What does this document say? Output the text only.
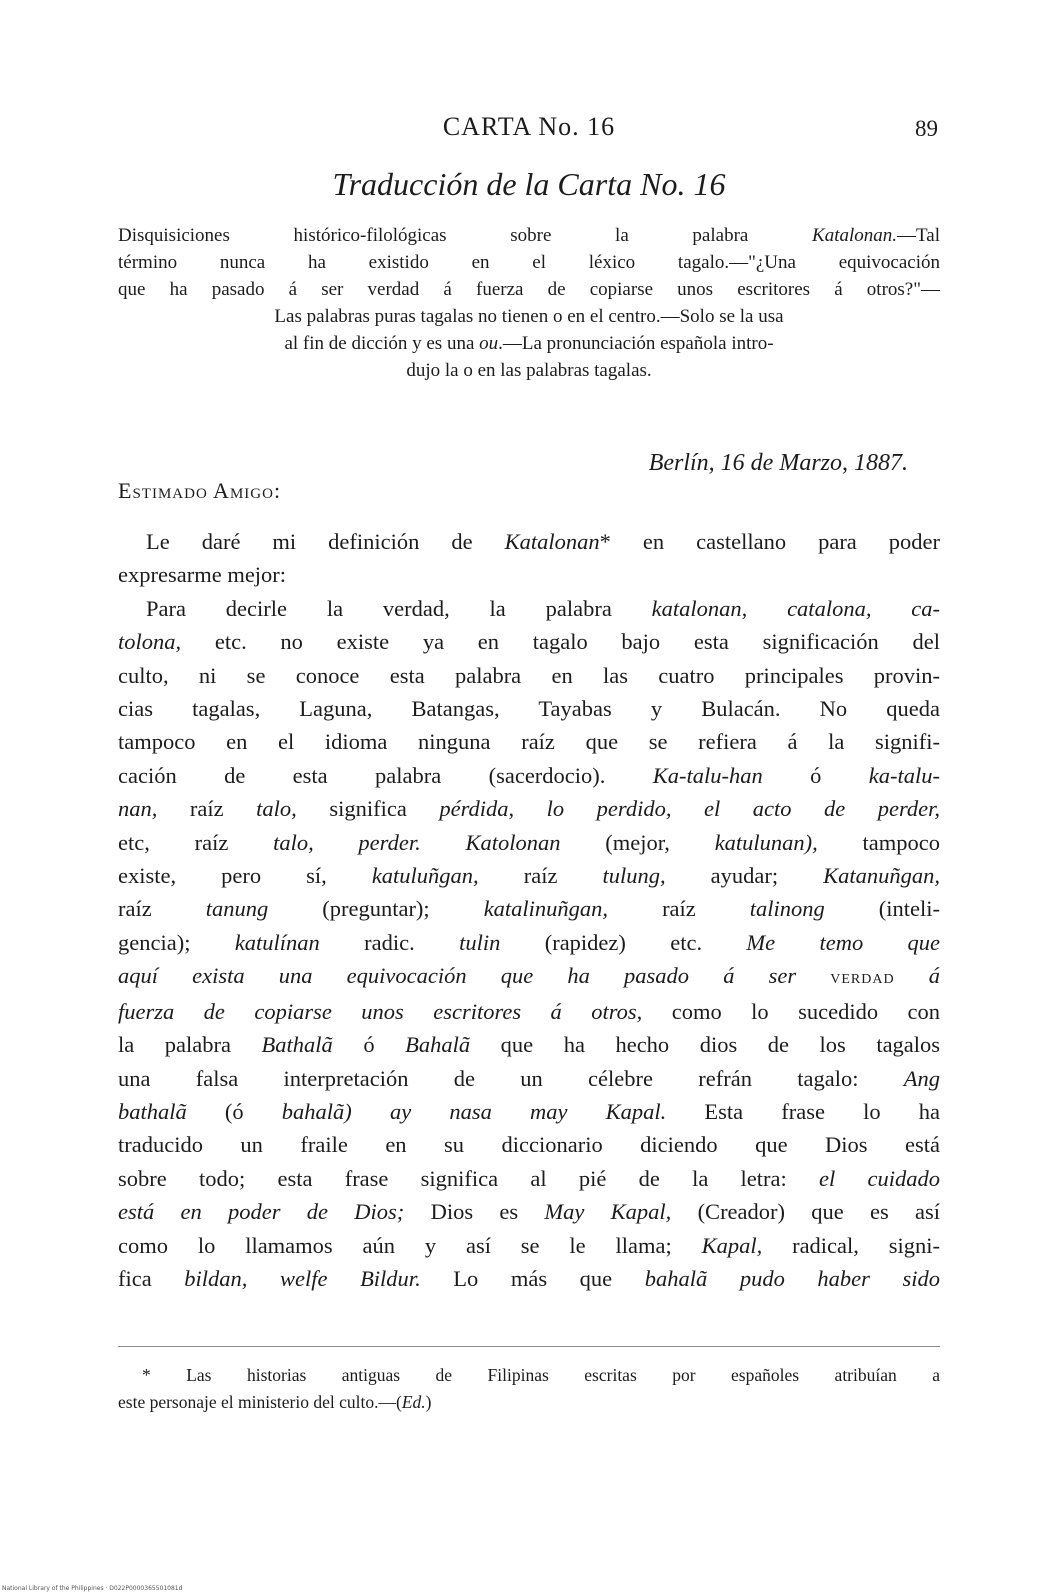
CARTA No. 16	89
Traducción de la Carta No. 16
Disquisiciones histórico-filológicas sobre la palabra	Katalonan.—Tal
término nunca ha existido en el léxico tagalo.—"¿Una equivocación
que ha pasado á ser verdad á fuerza de copiarse unos escritores á otros?"—
Las palabras puras tagalas no tienen o en el centro.—Solo se la usa
al fin de dicción y es una ou.—La pronunciación española intro-
dujo la o en las palabras tagalas.
Berlín, 16 de Marzo, 1887.
Estimado Amigo:
Le daré mi definición de Katalonan* en castellano para poder
expresarme mejor:
Para decirle la verdad, la palabra katalonan, catalona, ca-
tolona, etc. no existe ya en tagalo bajo esta significación del
culto, ni se conoce esta palabra en las cuatro principales provin-
cias tagalas, Laguna, Batangas, Tayabas y Bulacán. No queda
tampoco en el idioma ninguna raíz que se refiera á la signifi-
cación de esta palabra (sacerdocio). Ka-talu-han ó ka-talu-
nan, raíz talo, significa pérdida, lo perdido, el acto de perder,
etc, raíz talo, perder. Katolonan (mejor, katulunan), tampoco
existe, pero sí, katuluñgan, raíz tulung, ayudar; Katanuñgan,
raíz tanung (preguntar); katalinuñgan, raíz talinong (inteli-
gencia); katulínan radic. tulin (rapidez) etc. Me temo que
aquí exista una equivocación que ha pasado á ser verdad á
fuerza de copiarse unos escritores á otros, como lo sucedido con
la palabra Bathalã ó Bahalã que ha hecho dios de los tagalos
una falsa interpretación de un célebre refrán tagalo: Ang
bathalã (ó bahalã) ay nasa may Kapal. Esta frase lo ha
traducido un fraile en su diccionario diciendo que Dios está
sobre todo; esta frase significa al pié de la letra: el cuidado
está en poder de Dios; Dios es May Kapal, (Creador) que es así
como lo llamamos aún y así se le llama; Kapal, radical, signi-
fica bildan, welfe Bildur. Lo más que bahalã pudo haber sido
* Las historias antiguas de Filipinas escritas por españoles atribuían a
este personaje el ministerio del culto.—(Ed.)
National Library of the Philippines · D022P0000365501081d
